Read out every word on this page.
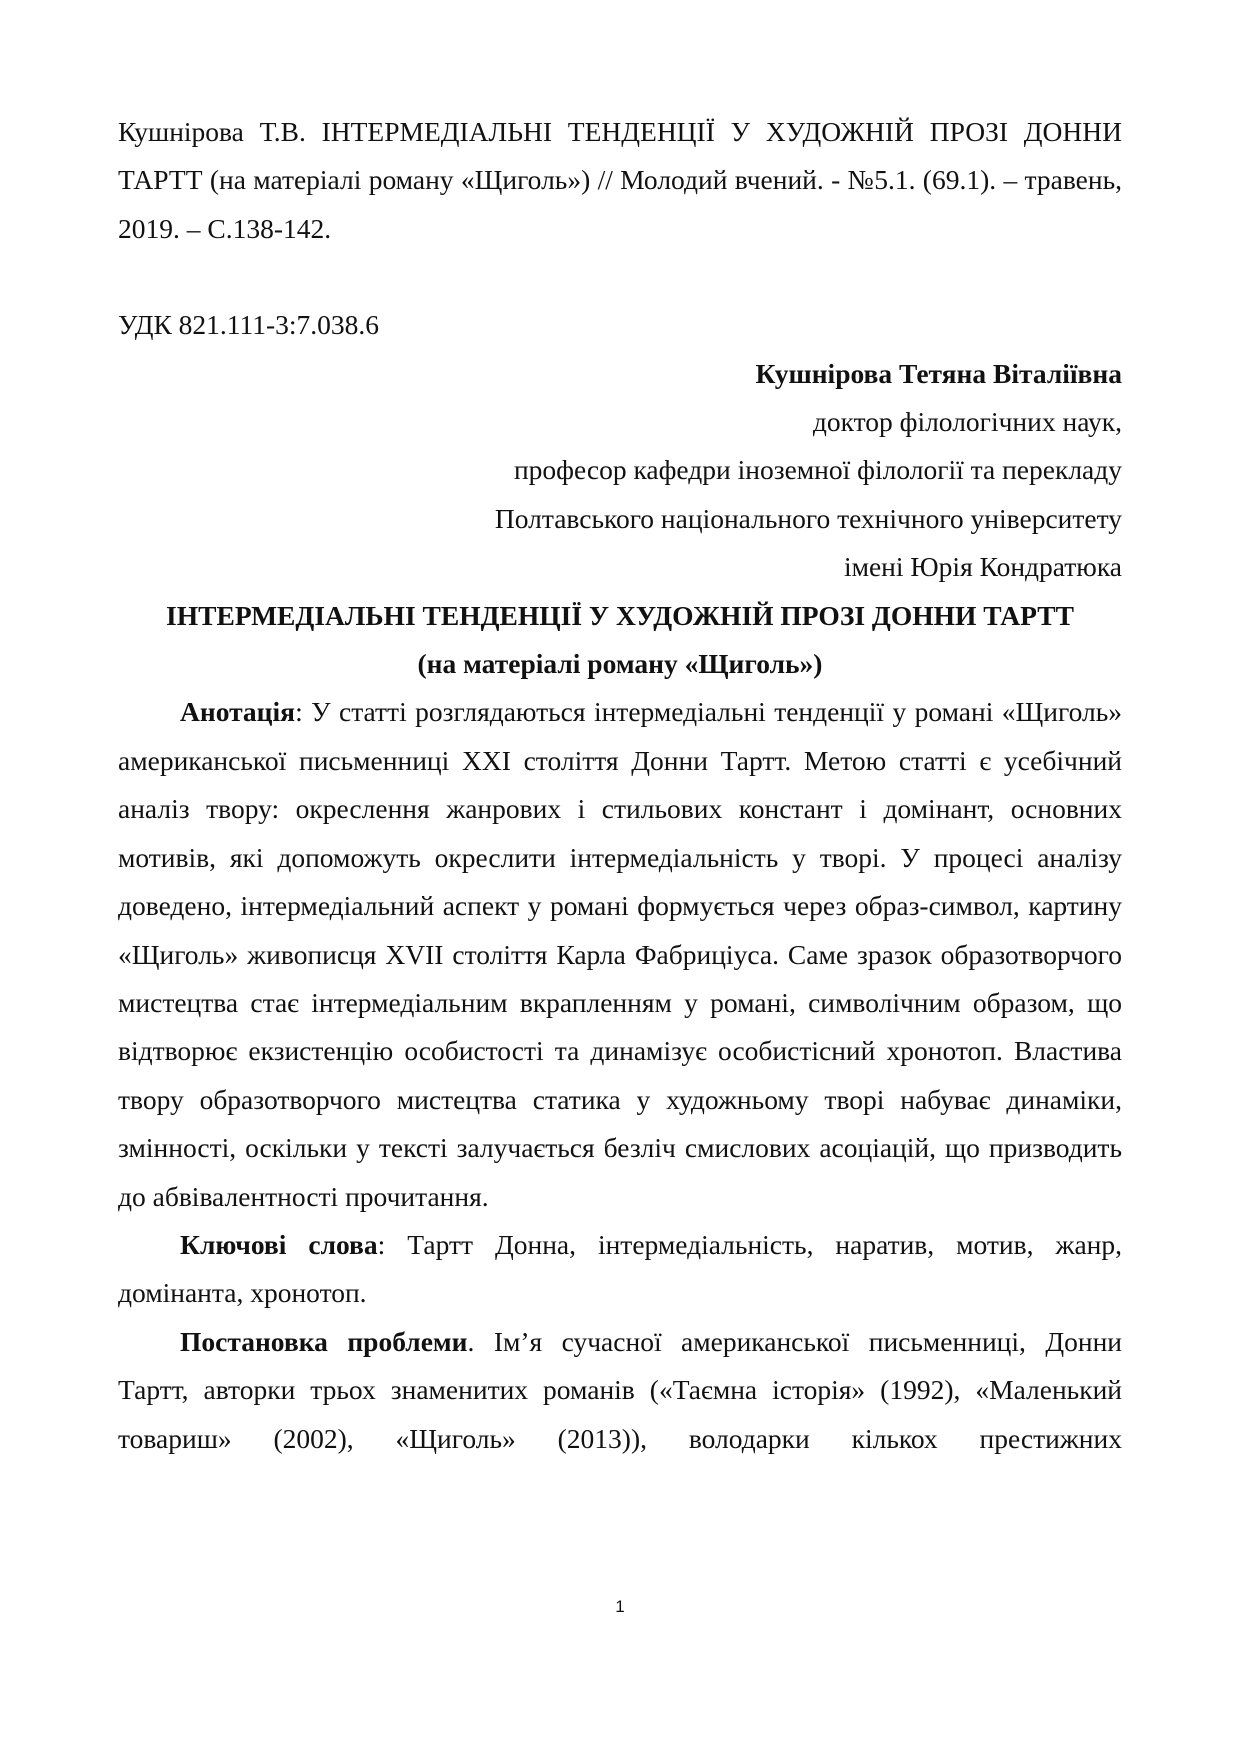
Кушнірова Т.В. ІНТЕРМЕДІАЛЬНІ ТЕНДЕНЦІЇ У ХУДОЖНІЙ ПРОЗІ ДОННИ ТАРТТ (на матеріалі роману «Щиголь») // Молодий вчений. - №5.1. (69.1). – травень, 2019. – С.138-142.

УДК 821.111-3:7.038.6

Кушнірова Тетяна Віталіївна

доктор філологічних наук,

професор кафедри іноземної філології та перекладу

Полтавського національного технічного університету

імені Юрія Кондратюка

ІНТЕРМЕДІАЛЬНІ ТЕНДЕНЦІЇ У ХУДОЖНІЙ ПРОЗІ ДОННИ ТАРТТ

(на матеріалі роману «Щиголь»)

Анотація: У статті розглядаються інтермедіальні тенденції у романі «Щиголь» американської письменниці XXI століття Донни Тартт. Метою статті є усебічний аналіз твору: окреслення жанрових і стильових констант і домінант, основних мотивів, які допоможуть окреслити інтермедіальність у творі. У процесі аналізу доведено, інтермедіальний аспект у романі формується через образ-символ, картину «Щиголь» живописця XVII століття Карла Фабриціуса. Саме зразок образотворчого мистецтва стає інтермедіальним вкрапленням у романі, символічним образом, що відтворює екзистенцію особистості та динамізує особистісний хронотоп. Властива твору образотворчого мистецтва статика у художньому творі набуває динаміки, змінності, оскільки у тексті залучається безліч смислових асоціацій, що призводить до абвівалентності прочитання.

Ключові слова: Тартт Донна, інтермедіальність, наратив, мотив, жанр, домінанта, хронотоп.

Постановка проблеми. Ім’я сучасної американської письменниці, Донни Тартт, авторки трьох знаменитих романів («Таємна історія» (1992), «Маленький товариш» (2002), «Щиголь» (2013)), володарки кількох престижних

1
